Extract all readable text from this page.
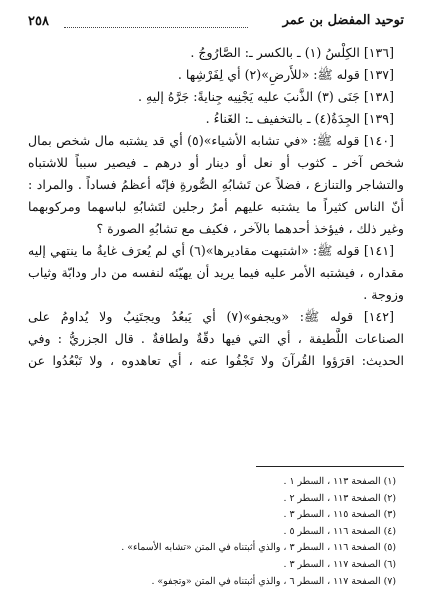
٢٥٨	توحيد المفضل بن عمر
[١٣٦] الكِلْسُ (١) ـ بالكسر ـ: الصَّارُوجُ .
[١٣٧] قوله ﷺ: «للأَرضِ»(٢) أي لِفَرْشِها .
[١٣٨] جَنَى (٣) الذَّنبَ عليه يَجْنِيه جِنايةً: جَرَّهُ إليهِ .
[١٣٩] الجِدَةُ(٤) ـ بالتخفيف ـ: الغَناءُ .
[١٤٠] قوله ﷺ: «في تشابه الأشياء»(٥) أي قد يشتبه مال شخص بمال
شخص آخر ـ كثوب أو نعل أو دينار أو درهم ـ فيصير سبباً للاشتباه
والتشاجر والتنازع ، فضلاً عن تَشابُهِ الصُّورةِ فإنّه أعظمُ فساداً . والمراد :
أنّ الناس كثيراً ما يشتبه عليهم أمرُ رجلين لتَشابُهِ لباسهما ومركوبهما
وغير ذلك ، فيؤخذ أحدهما بالآخر ، فكيف مع تشابُهِ الصورة ؟
[١٤١] قوله ﷺ: «اشتبهت مقاديرها»(٦) أي لم يُعرَف غايةُ ما ينتهي إليه
مقداره ، فيشتبه الأمر عليه فيما يريد أن يهيّئه لنفسه من دار ودابّة وثياب
وزوجة .
[١٤٢] قوله ﷺ: «ويجفو»(٧) أي يَبعُدُ ويجتَنِبُ ولا يُداومُ على
الصناعات اللَّطيفة ، أي التي فيها دقّةٌ ولطافةٌ . قال الجزريُّ : وفي
الحديث: اقرَؤوا القُرآنَ ولا تَجْفُوا عنه ، أي تعاهدوه ، ولا تَبْعُدُوا عن
(١) الصفحة ١١٣ ، السطر ١ .
(٢) الصفحة ١١٣ ، السطر ٢ .
(٣) الصفحة ١١٥ ، السطر ٣ .
(٤) الصفحة ١١٦ ، السطر ٥ .
(٥) الصفحة ١١٦ ، السطر ٣ ، والذي أثبتناه في المتن «تشابه الأسماء» .
(٦) الصفحة ١١٧ ، السطر ٣ .
(٧) الصفحة ١١٧ ، السطر ٦ ، والذي أثبتناه في المتن «وتجفو» .
